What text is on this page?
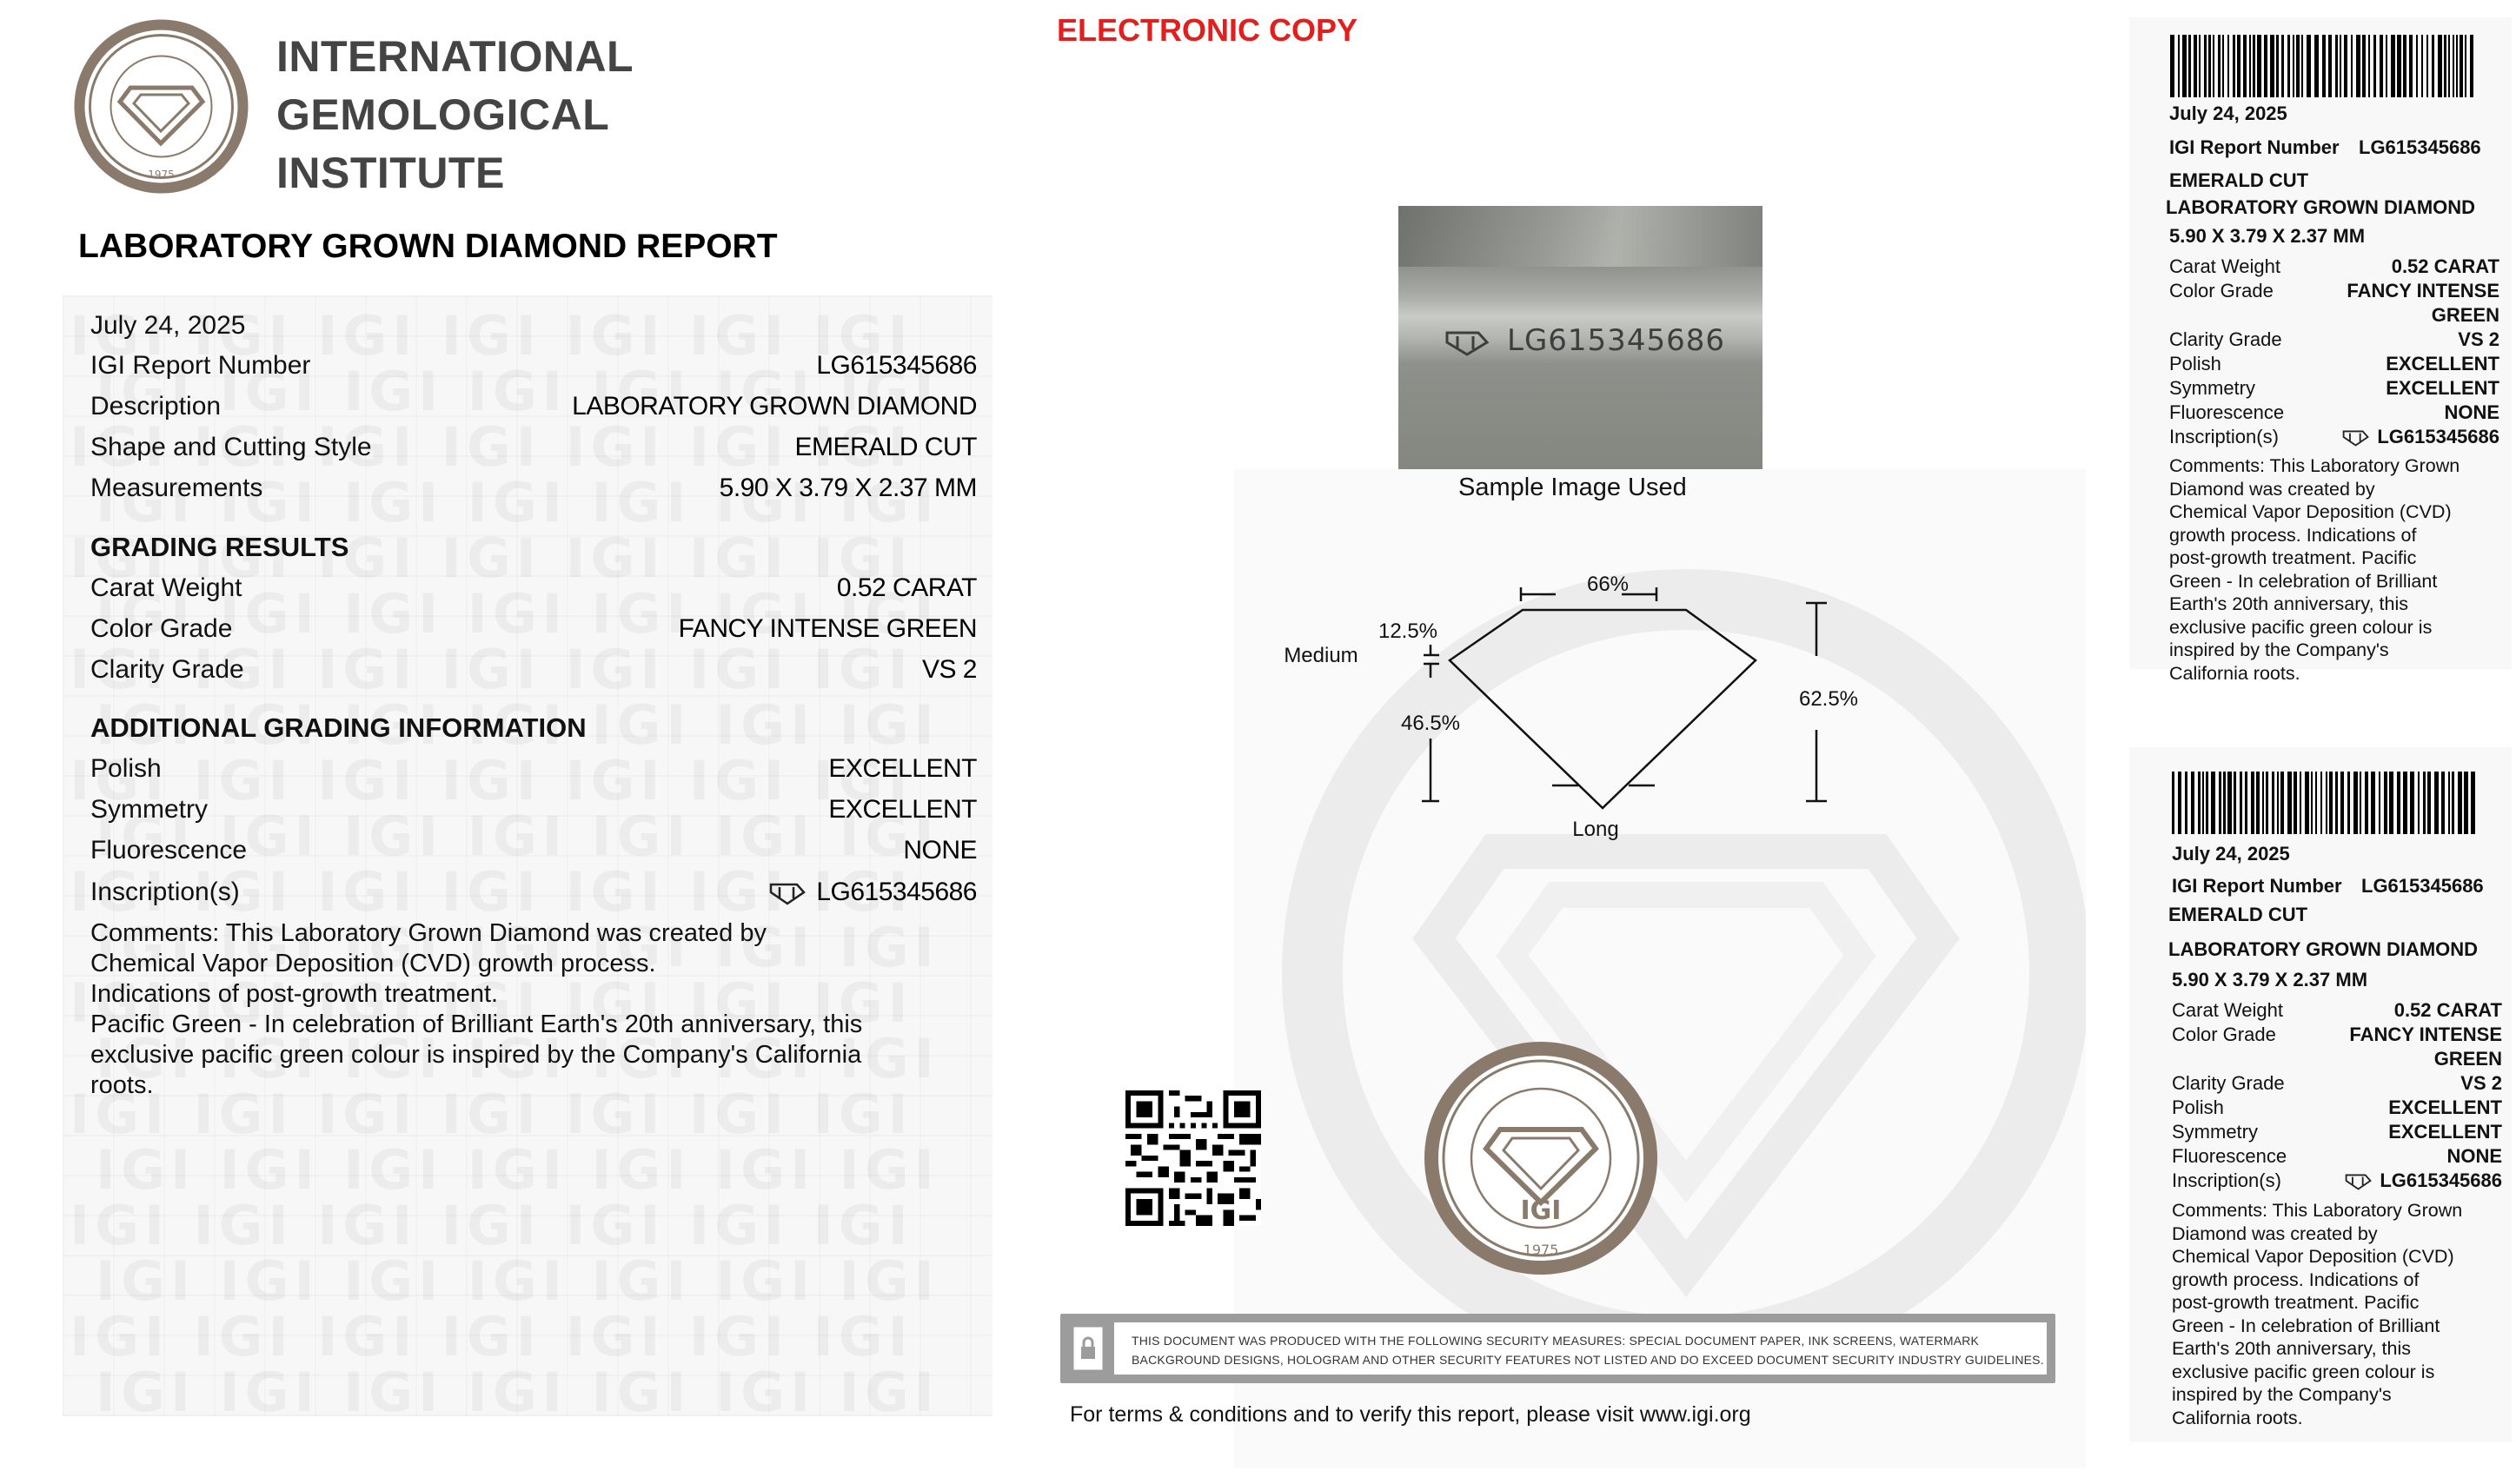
1975
INTERNATIONAL
GEMOLOGICAL
INSTITUTE
ELECTRONIC COPY
LABORATORY GROWN DIAMOND REPORT
July 24, 2025
IGI Report Number	LG615345686
Description	LABORATORY GROWN DIAMOND
Shape and Cutting Style	EMERALD CUT
Measurements	5.90 X 3.79 X 2.37 MM
GRADING RESULTS
Carat Weight	0.52 CARAT
Color Grade	FANCY INTENSE GREEN
Clarity Grade	VS 2
ADDITIONAL GRADING INFORMATION
Polish	EXCELLENT
Symmetry	EXCELLENT
Fluorescence	NONE
Inscription(s)	LG615345686
Comments: This Laboratory Grown Diamond was created by
Chemical Vapor Deposition (CVD) growth process.
Indications of post-growth treatment.
Pacific Green - In celebration of Brilliant Earth's 20th anniversary, this
exclusive pacific green colour is inspired by the Company's California
roots.
LG615345686
Sample Image Used
66%
12.5%
Medium
46.5%
62.5%
Long
IGI
1975
THIS DOCUMENT WAS PRODUCED WITH THE FOLLOWING SECURITY MEASURES: SPECIAL DOCUMENT PAPER, INK SCREENS, WATERMARK
BACKGROUND DESIGNS, HOLOGRAM AND OTHER SECURITY FEATURES NOT LISTED AND DO EXCEED DOCUMENT SECURITY INDUSTRY GUIDELINES.
For terms & conditions and to verify this report, please visit www.igi.org
July 24, 2025
IGI Report Number LG615345686
EMERALD CUT
LABORATORY GROWN DIAMOND
5.90 X 3.79 X 2.37 MM
Carat Weight	0.52 CARAT
Color Grade	FANCY INTENSE
GREEN
Clarity Grade	VS 2
Polish	EXCELLENT
Symmetry	EXCELLENT
Fluorescence	NONE
Inscription(s)	LG615345686
Comments: This Laboratory Grown
Diamond was created by
Chemical Vapor Deposition (CVD)
growth process. Indications of
post-growth treatment. Pacific
Green - In celebration of Brilliant
Earth's 20th anniversary, this
exclusive pacific green colour is
inspired by the Company's
California roots.
July 24, 2025
IGI Report Number LG615345686
EMERALD CUT
LABORATORY GROWN DIAMOND
5.90 X 3.79 X 2.37 MM
Carat Weight	0.52 CARAT
Color Grade	FANCY INTENSE
GREEN
Clarity Grade	VS 2
Polish	EXCELLENT
Symmetry	EXCELLENT
Fluorescence	NONE
Inscription(s)	LG615345686
Comments: This Laboratory Grown
Diamond was created by
Chemical Vapor Deposition (CVD)
growth process. Indications of
post-growth treatment. Pacific
Green - In celebration of Brilliant
Earth's 20th anniversary, this
exclusive pacific green colour is
inspired by the Company's
California roots.
